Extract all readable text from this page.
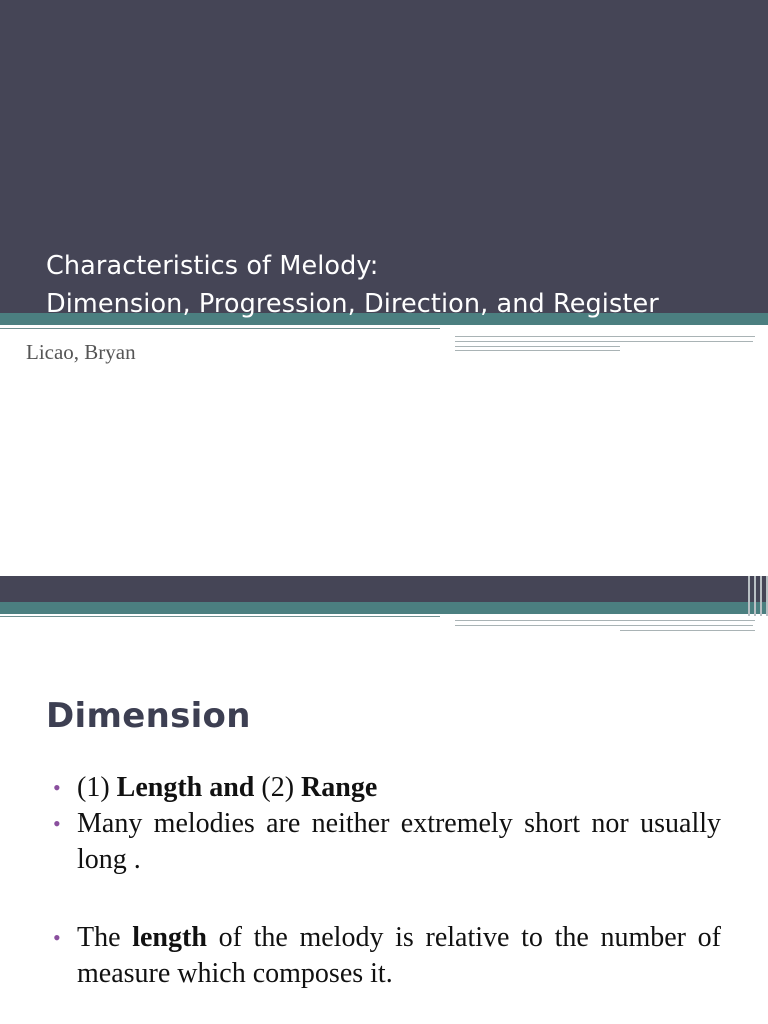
Characteristics of Melody:
Dimension, Progression, Direction, and Register
Licao, Bryan
Dimension
• (1) Length and (2) Range
• Many melodies are neither extremely short nor usually long .
• The length of the melody is relative to the number of measure which composes it.
